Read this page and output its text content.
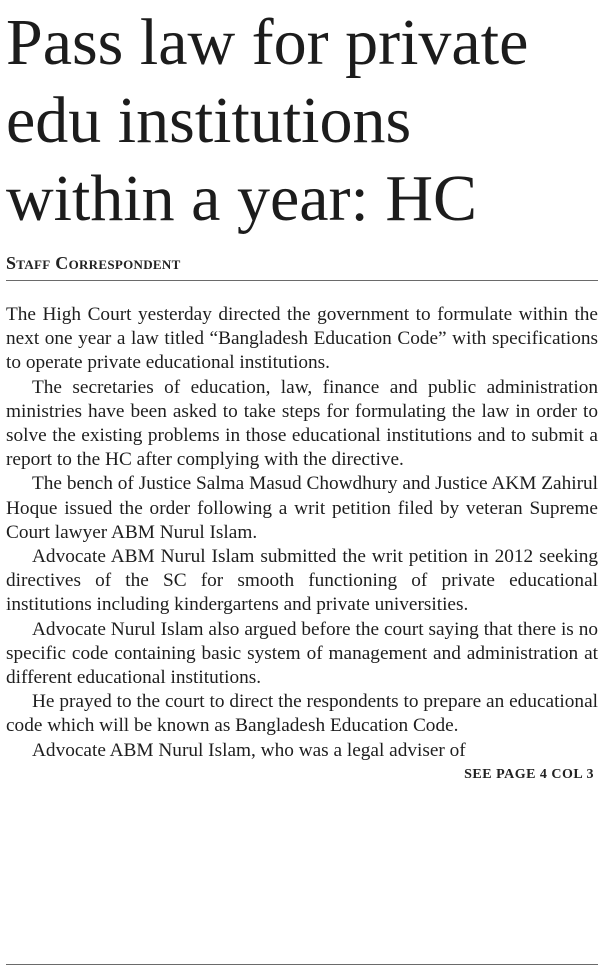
Pass law for private
edu institutions
within a year: HC
Staff Correspondent

The High Court yesterday directed the government to formulate within the next one year a law titled “Bangladesh Education Code” with specifications to operate private educational institutions.

The secretaries of education, law, finance and public administration ministries have been asked to take steps for formulating the law in order to solve the existing problems in those educational institutions and to submit a report to the HC after complying with the directive.

The bench of Justice Salma Masud Chowdhury and Justice AKM Zahirul Hoque issued the order following a writ petition filed by veteran Supreme Court lawyer ABM Nurul Islam.

Advocate ABM Nurul Islam submitted the writ petition in 2012 seeking directives of the SC for smooth functioning of private educational institutions including kindergartens and private universities.

Advocate Nurul Islam also argued before the court saying that there is no specific code containing basic system of management and administration at different educational institutions.

He prayed to the court to direct the respondents to prepare an educational code which will be known as Bangladesh Education Code.

Advocate ABM Nurul Islam, who was a legal adviser of

SEE PAGE 4 COL 3
